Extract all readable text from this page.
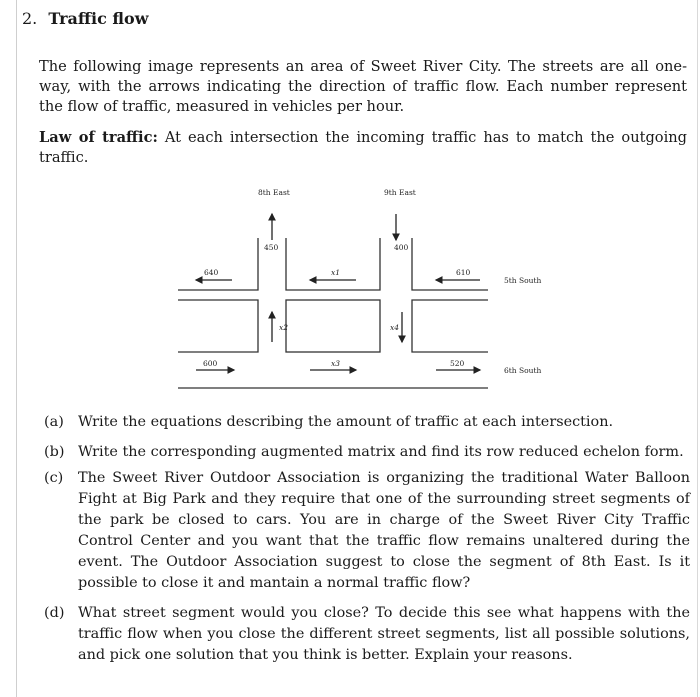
2. Traffic flow
The following image represents an area of Sweet River City. The streets are all one-way, with the arrows indicating the direction of traffic flow. Each number represent the flow of traffic, measured in vehicles per hour.
Law of traffic: At each intersection the incoming traffic has to match the outgoing traffic.
8th East	9th East
5th South
6th South
450	400
640	x1	610
x2	x4
600	x3	520
(a) Write the equations describing the amount of traffic at each intersection.
(b) Write the corresponding augmented matrix and find its row reduced echelon form.
(c)	The Sweet River Outdoor Association is organizing the traditional Water Balloon Fight at Big Park and they require that one of the surrounding street segments of the park be closed to cars. You are in charge of the Sweet River City Traffic Control Center and you want that the traffic flow remains unaltered during the event. The Outdoor Association suggest to close the segment of 8th East. Is it possible to close it and mantain a normal traffic flow?
(d) What street segment would you close? To decide this see what happens with the traffic flow when you close the different street segments, list all possible solutions, and pick one solution that you think is better. Explain your reasons.
